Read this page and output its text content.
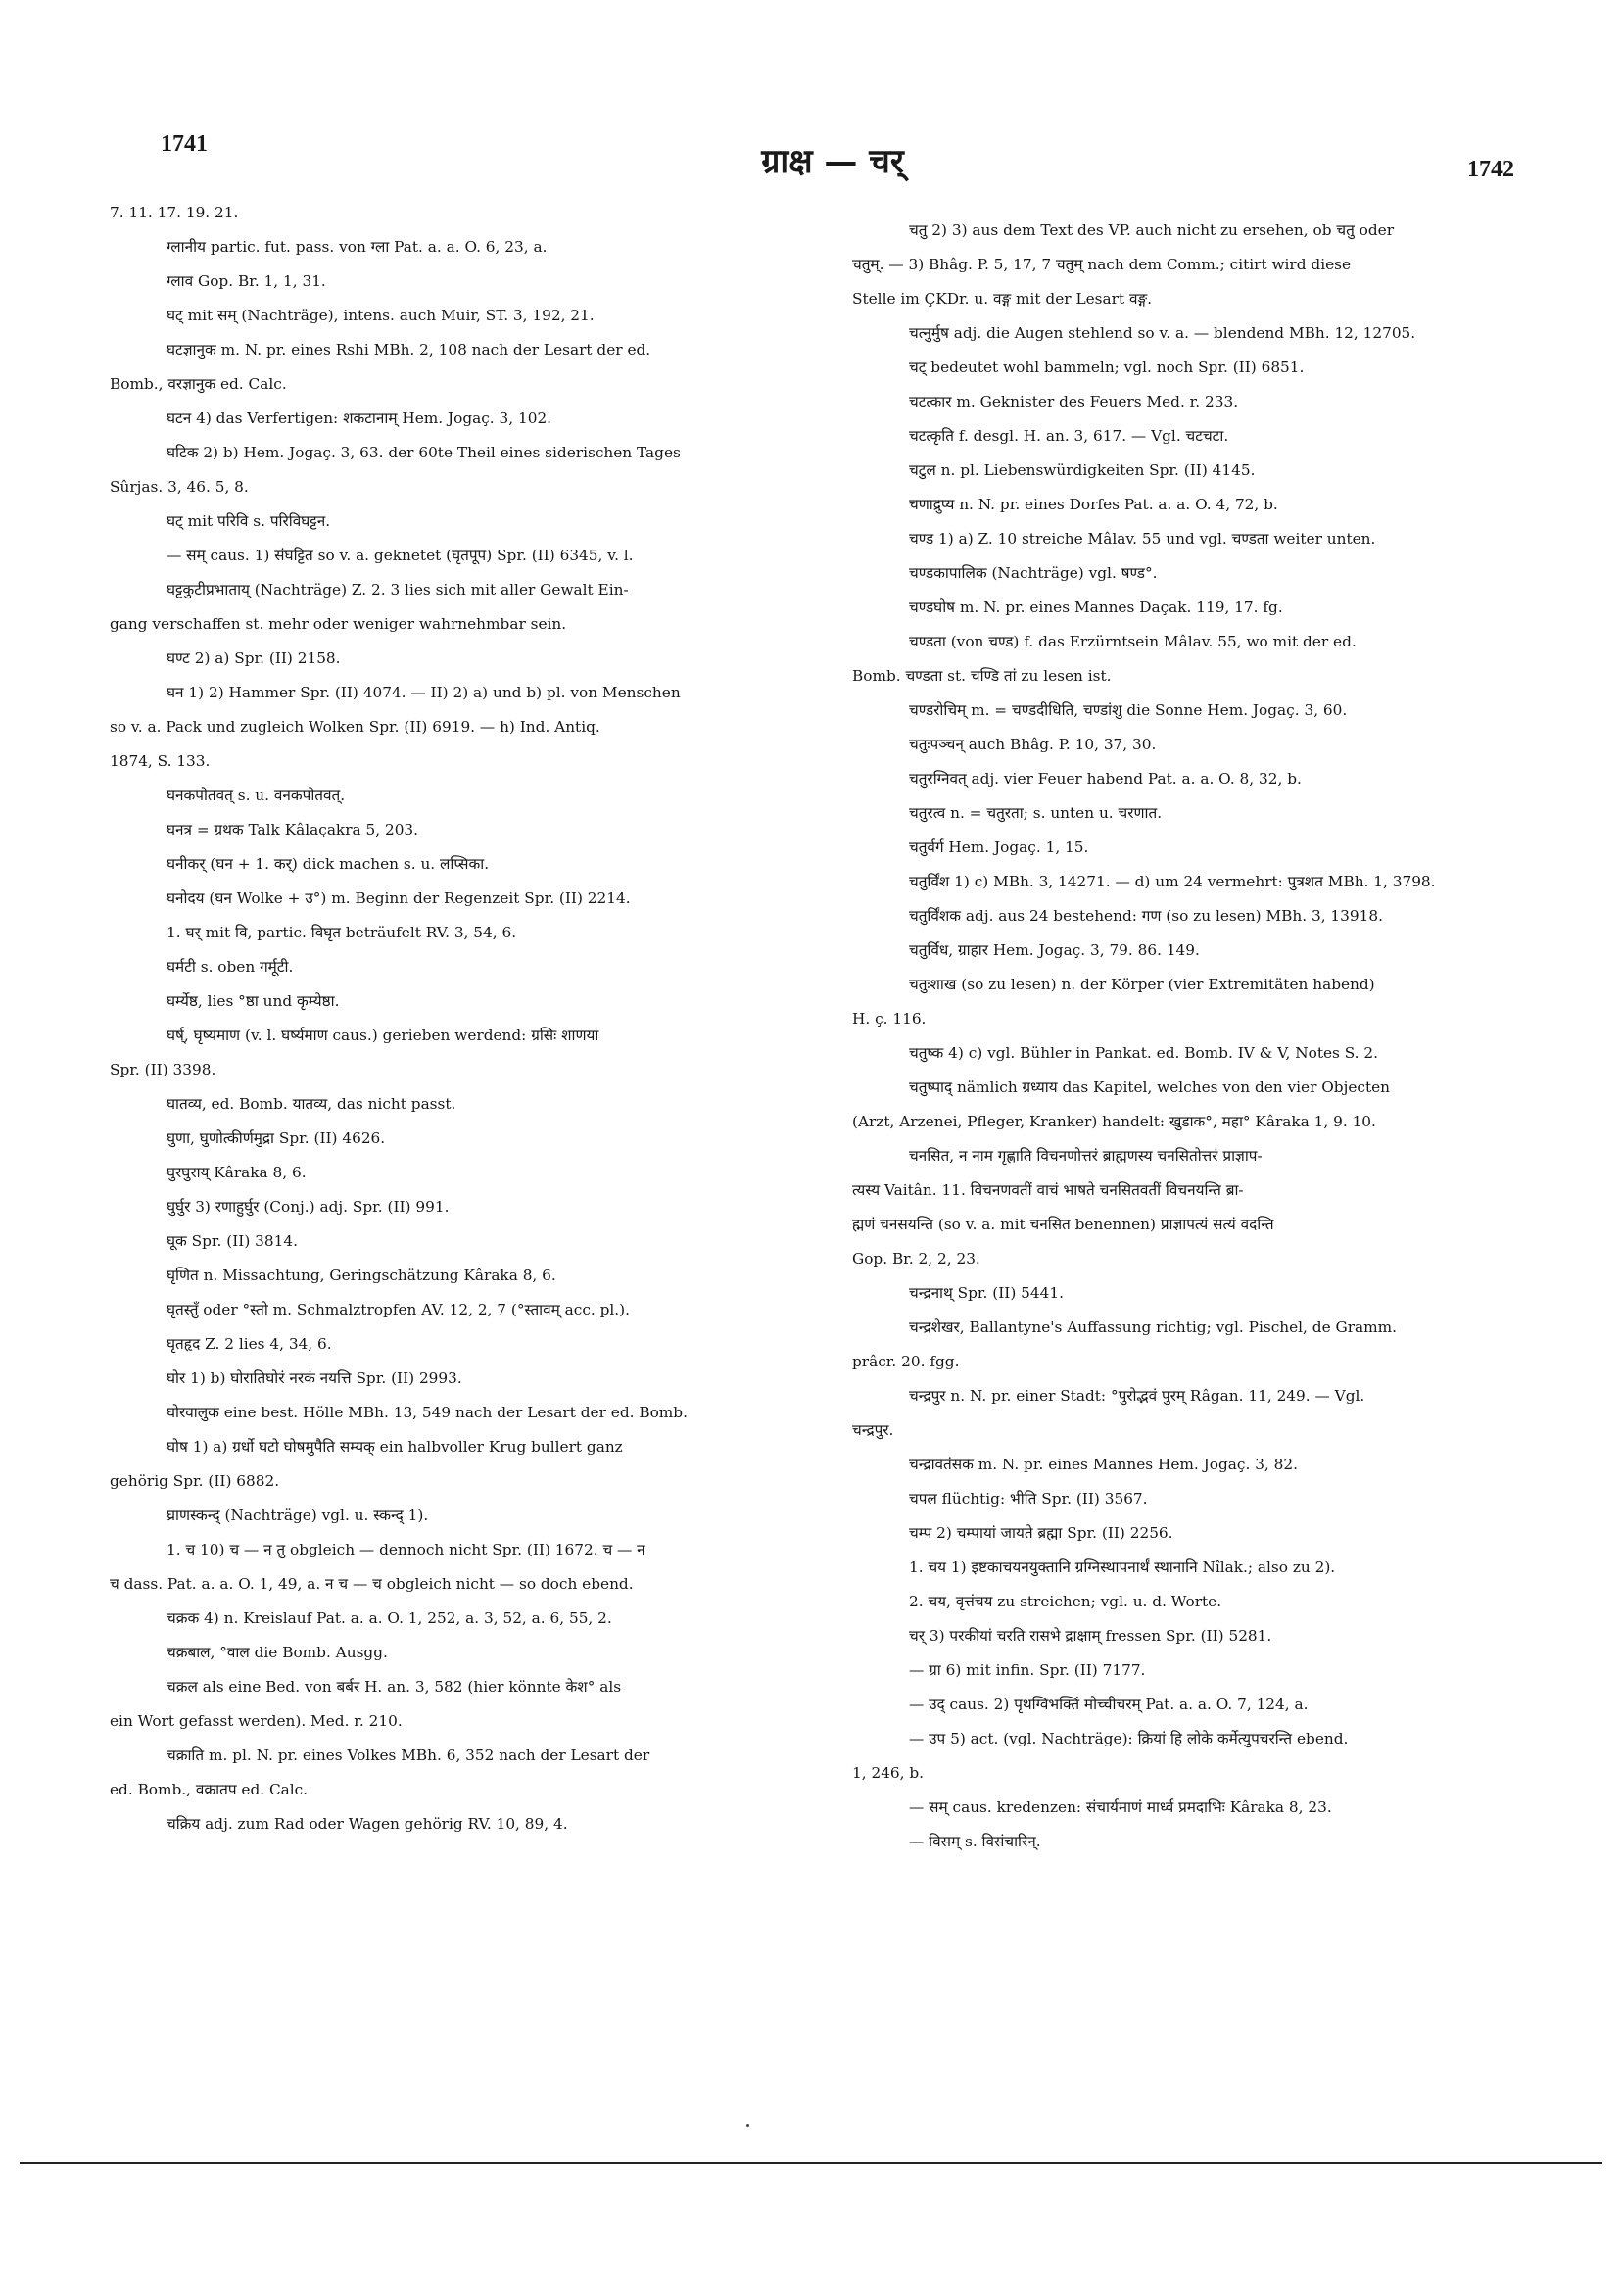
1741	ग्राक्ष — चर्	1742
7. 11. 17. 19. 21.
ग्लानीय partic. fut. pass. von ग्ला Pat. a. a. O. 6, 23, a.
ग्लाव Gop. Br. 1, 1, 31.
घट् mit सम् (Nachträge), intens. auch Muir, ST. 3, 192, 21.
घटज्ञानुक m. N. pr. eines Rshi MBh. 2, 108 nach der Lesart der ed.
Bomb., वरज्ञानुक ed. Calc.
घटन 4) das Verfertigen: शकटानाम् Hem. Jogaç. 3, 102.
घटिक 2) b) Hem. Jogaç. 3, 63. der 60te Theil eines siderischen Tages
Sûrjas. 3, 46. 5, 8.
घट् mit परिवि s. परिविघट्टन.
— सम् caus. 1) संघट्टित so v. a. geknetet (घृतपूप) Spr. (II) 6345, v. l.
घट्टकुटीप्रभाताय् (Nachträge) Z. 2. 3 lies sich mit aller Gewalt Ein-
gang verschaffen st. mehr oder weniger wahrnehmbar sein.
घण्ट 2) a) Spr. (II) 2158.
घन 1) 2) Hammer Spr. (II) 4074. — II) 2) a) und b) pl. von Menschen
so v. a. Pack und zugleich Wolken Spr. (II) 6919. — h) Ind. Antiq.
1874, S. 133.
घनकपोतवत् s. u. वनकपोतवत्.
घनत्र = ग्रथक Talk Kâlaçakra 5, 203.
घनीकर् (घन + 1. कर्) dick machen s. u. लप्सिका.
घनोदय (घन Wolke + उ°) m. Beginn der Regenzeit Spr. (II) 2214.
1. घर् mit वि, partic. विघृत beträufelt RV. 3, 54, 6.
घर्मटी s. oben गर्मूटी.
घर्म्येष्ठ, lies °ष्ठा und कृम्येष्ठा.
घर्ष्, घृष्यमाण (v. l. घर्ष्यमाण caus.) gerieben werdend: ग्रसिः शाणया
Spr. (II) 3398.
घातव्य, ed. Bomb. यातव्य, das nicht passt.
घुणा, घुणोत्कीर्णमुद्रा Spr. (II) 4626.
घुरघुराय् Kâraka 8, 6.
घुर्घुर 3) रणाहुर्घुर (Conj.) adj. Spr. (II) 991.
घूक Spr. (II) 3814.
घृणित n. Missachtung, Geringschätzung Kâraka 8, 6.
घृतस्तुँ oder °स्तो m. Schmalztropfen AV. 12, 2, 7 (°स्तावम् acc. pl.).
घृतहृद Z. 2 lies 4, 34, 6.
घोर 1) b) घोरातिघोरं नरकं नयत्ति Spr. (II) 2993.
घोरवालुक eine best. Hölle MBh. 13, 549 nach der Lesart der ed. Bomb.
घोष 1) a) ग्रर्धो घटो घोषमुपैति सम्यक् ein halbvoller Krug bullert ganz
gehörig Spr. (II) 6882.
घ्राणस्कन्द् (Nachträge) vgl. u. स्कन्द् 1).
1. च 10) च — न तु obgleich — dennoch nicht Spr. (II) 1672. च — न
च dass. Pat. a. a. O. 1, 49, a. न च — च obgleich nicht — so doch ebend.
चक्रक 4) n. Kreislauf Pat. a. a. O. 1, 252, a. 3, 52, a. 6, 55, 2.
चक्रबाल, °वाल die Bomb. Ausgg.
चक्रल als eine Bed. von बर्बर H. an. 3, 582 (hier könnte केश° als
ein Wort gefasst werden). Med. r. 210.
चक्राति m. pl. N. pr. eines Volkes MBh. 6, 352 nach der Lesart der
ed. Bomb., वक्रातप ed. Calc.
चक्रिय adj. zum Rad oder Wagen gehörig RV. 10, 89, 4.
चतु 2) 3) aus dem Text des VP. auch nicht zu ersehen, ob चतु oder
चतुम्. — 3) Bhâg. P. 5, 17, 7 चतुम् nach dem Comm.; citirt wird diese
Stelle im ÇKDr. u. वङ्ग mit der Lesart वङ्ग.
चत्नुर्मुष adj. die Augen stehlend so v. a. — blendend MBh. 12, 12705.
चट् bedeutet wohl bammeln; vgl. noch Spr. (II) 6851.
चटत्कार m. Geknister des Feuers Med. r. 233.
चटत्कृति f. desgl. H. an. 3, 617. — Vgl. चटचटा.
चटुल n. pl. Liebenswürdigkeiten Spr. (II) 4145.
चणाद्रुप्य n. N. pr. eines Dorfes Pat. a. a. O. 4, 72, b.
चण्ड 1) a) Z. 10 streiche Mâlav. 55 und vgl. चण्डता weiter unten.
चण्डकापालिक (Nachträge) vgl. षण्ड°.
चण्डघोष m. N. pr. eines Mannes Daçak. 119, 17. fg.
चण्डता (von चण्ड) f. das Erzürntsein Mâlav. 55, wo mit der ed.
Bomb. चण्डता st. चण्डि तां zu lesen ist.
चण्डरोचिम् m. = चण्डदीधिति, चण्डांशु die Sonne Hem. Jogaç. 3, 60.
चतुःपञ्चन् auch Bhâg. P. 10, 37, 30.
चतुरग्निवत् adj. vier Feuer habend Pat. a. a. O. 8, 32, b.
चतुरत्व n. = चतुरता; s. unten u. चरणात.
चतुर्वर्ग Hem. Jogaç. 1, 15.
चतुर्विंश 1) c) MBh. 3, 14271. — d) um 24 vermehrt: पुत्रशत MBh. 1, 3798.
चतुर्विंशक adj. aus 24 bestehend: गण (so zu lesen) MBh. 3, 13918.
चतुर्विध, ग्राहार Hem. Jogaç. 3, 79. 86. 149.
चतुःशाख (so zu lesen) n. der Körper (vier Extremitäten habend)
H. ç. 116.
चतुष्क 4) c) vgl. Bühler in Pankat. ed. Bomb. IV & V, Notes S. 2.
चतुष्पाद् nämlich ग्रध्याय das Kapitel, welches von den vier Objecten
(Arzt, Arzenei, Pfleger, Kranker) handelt: खुडाक°, महा° Kâraka 1, 9. 10.
चनसित, न नाम गृह्णाति विचनणोत्तरं ब्राह्मणस्य चनसितोत्तरं प्राज्ञाप-
त्यस्य Vaitân. 11. विचनणवतीं वाचं भाषते चनसितवतीं विचनयन्ति ब्रा-
ह्मणं चनसयन्ति (so v. a. mit चनसित benennen) प्राज्ञापत्यं सत्यं वदन्ति
Gop. Br. 2, 2, 23.
चन्द्रनाथ् Spr. (II) 5441.
चन्द्रशेखर, Ballantyne's Auffassung richtig; vgl. Pischel, de Gramm.
prâcr. 20. fgg.
चन्द्रपुर n. N. pr. einer Stadt: °पुरोद्भवं पुरम् Râgan. 11, 249. — Vgl.
चन्द्रपुर.
चन्द्रावतंसक m. N. pr. eines Mannes Hem. Jogaç. 3, 82.
चपल flüchtig: भीति Spr. (II) 3567.
चम्प 2) चम्पायां जायते ब्रह्मा Spr. (II) 2256.
1. चय 1) इष्टकाचयनयुक्तानि ग्रग्निस्थापनार्थं स्थानानि Nîlak.; also zu 2).
2. चय, वृत्तंचय zu streichen; vgl. u. d. Worte.
चर् 3) परकीयां चरति रासभे द्राक्षाम् fressen Spr. (II) 5281.
— ग्रा 6) mit infin. Spr. (II) 7177.
— उद् caus. 2) पृथग्विभक्तिं मोच्चीचरम् Pat. a. a. O. 7, 124, a.
— उप 5) act. (vgl. Nachträge): क्रियां हि लोके कर्मेत्युपचरन्ति ebend.
1, 246, b.
— सम् caus. kredenzen: संचार्यमाणं मार्ध्व प्रमदाभिः Kâraka 8, 23.
— विसम् s. विसंचारिन्.
